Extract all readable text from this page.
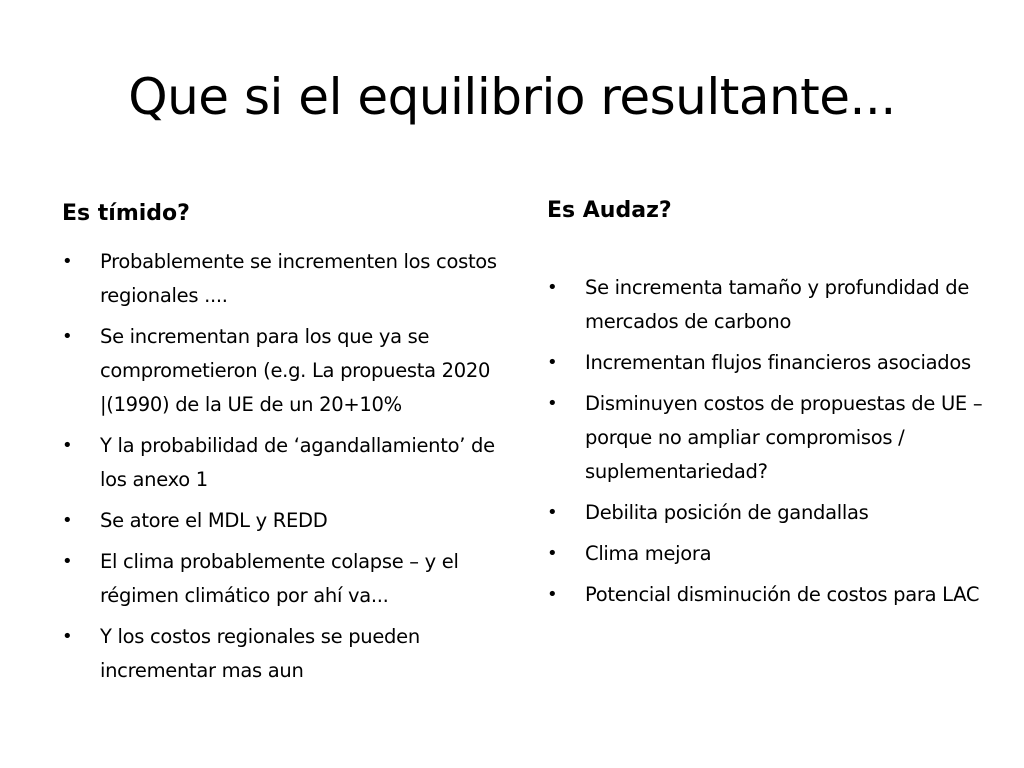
Que si el equilibrio resultante...
Es tímido?
• Probablemente se incrementen los costos regionales ....
• Se incrementan para los que ya se comprometieron (e.g. La propuesta 2020 |(1990) de la UE de un 20+10%
• Y la probabilidad de ‘agandallamiento’ de los anexo 1
• Se atore el MDL y REDD
• El clima probablemente colapse – y el régimen climático por ahí va...
• Y los costos regionales se pueden incrementar mas aun
Es Audaz?
• Se incrementa tamaño y profundidad de mercados de carbono
• Incrementan flujos financieros asociados
• Disminuyen costos de propuestas de UE –porque no ampliar compromisos / suplementariedad?
• Debilita posición de gandallas
• Clima mejora
• Potencial disminución de costos para LAC
